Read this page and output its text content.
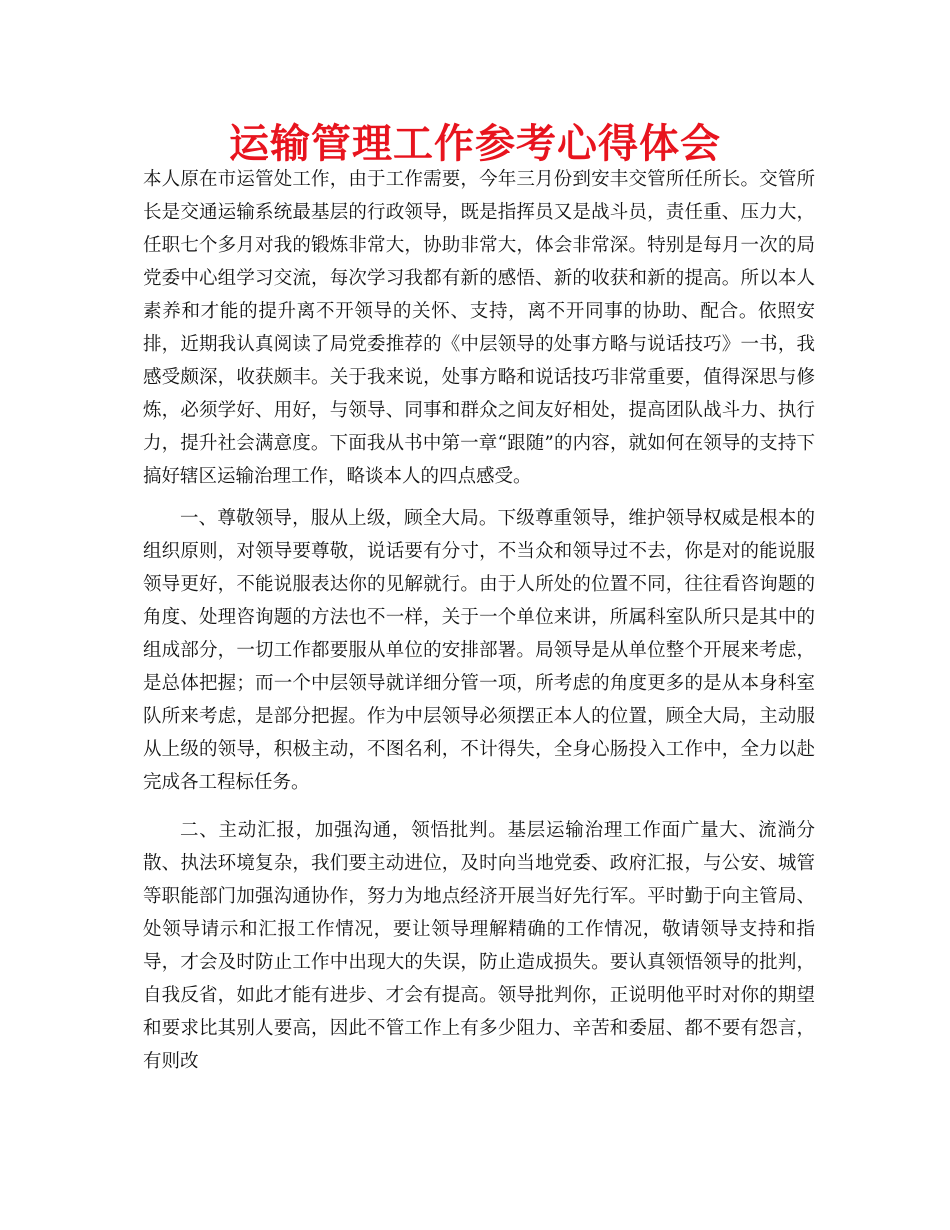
运输管理工作参考心得体会

本人原在市运管处工作，由于工作需要，今年三月份到安丰交管所任所长。交管所长是交通运输系统最基层的行政领导，既是指挥员又是战斗员，责任重、压力大，任职七个多月对我的锻炼非常大，协助非常大，体会非常深。特别是每月一次的局党委中心组学习交流，每次学习我都有新的感悟、新的收获和新的提高。所以本人素养和才能的提升离不开领导的关怀、支持，离不开同事的协助、配合。依照安排，近期我认真阅读了局党委推荐的《中层领导的处事方略与说话技巧》一书，我感受颇深，收获颇丰。关于我来说，处事方略和说话技巧非常重要，值得深思与修炼，必须学好、用好，与领导、同事和群众之间友好相处，提高团队战斗力、执行力，提升社会满意度。下面我从书中第一章“跟随”的内容，就如何在领导的支持下搞好辖区运输治理工作，略谈本人的四点感受。

一、尊敬领导，服从上级，顾全大局。下级尊重领导，维护领导权威是根本的组织原则，对领导要尊敬，说话要有分寸，不当众和领导过不去，你是对的能说服领导更好，不能说服表达你的见解就行。由于人所处的位置不同，往往看咨询题的角度、处理咨询题的方法也不一样，关于一个单位来讲，所属科室队所只是其中的组成部分，一切工作都要服从单位的安排部署。局领导是从单位整个开展来考虑，是总体把握；而一个中层领导就详细分管一项，所考虑的角度更多的是从本身科室队所来考虑，是部分把握。作为中层领导必须摆正本人的位置，顾全大局，主动服从上级的领导，积极主动，不图名利，不计得失，全身心肠投入工作中，全力以赴完成各工程标任务。

二、主动汇报，加强沟通，领悟批判。基层运输治理工作面广量大、流淌分散、执法环境复杂，我们要主动进位，及时向当地党委、政府汇报，与公安、城管等职能部门加强沟通协作，努力为地点经济开展当好先行军。平时勤于向主管局、处领导请示和汇报工作情况，要让领导理解精确的工作情况，敬请领导支持和指导，才会及时防止工作中出现大的失误，防止造成损失。要认真领悟领导的批判，自我反省，如此才能有进步、才会有提高。领导批判你，正说明他平时对你的期望和要求比其别人要高，因此不管工作上有多少阻力、辛苦和委屈、都不要有怨言，有则改
